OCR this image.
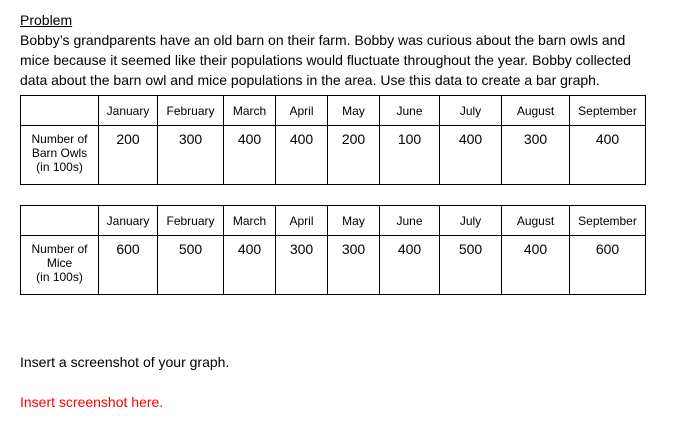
Problem

Bobby’s grandparents have an old barn on their farm. Bobby was curious about the barn owls and mice because it seemed like their populations would fluctuate throughout the year. Bobby collected data about the barn owl and mice populations in the area. Use this data to create a bar graph.

	January	February	March	April	May	June	July	August	September

Number of
Barn Owls
(in 100s)	200	300	400	400	200	100	400	300	400
	January	February	March	April	May	June	July	August	September

Number of
Mice
(in 100s)	600	500	400	300	300	400	500	400	600
Insert a screenshot of your graph.
Insert screenshot here.
